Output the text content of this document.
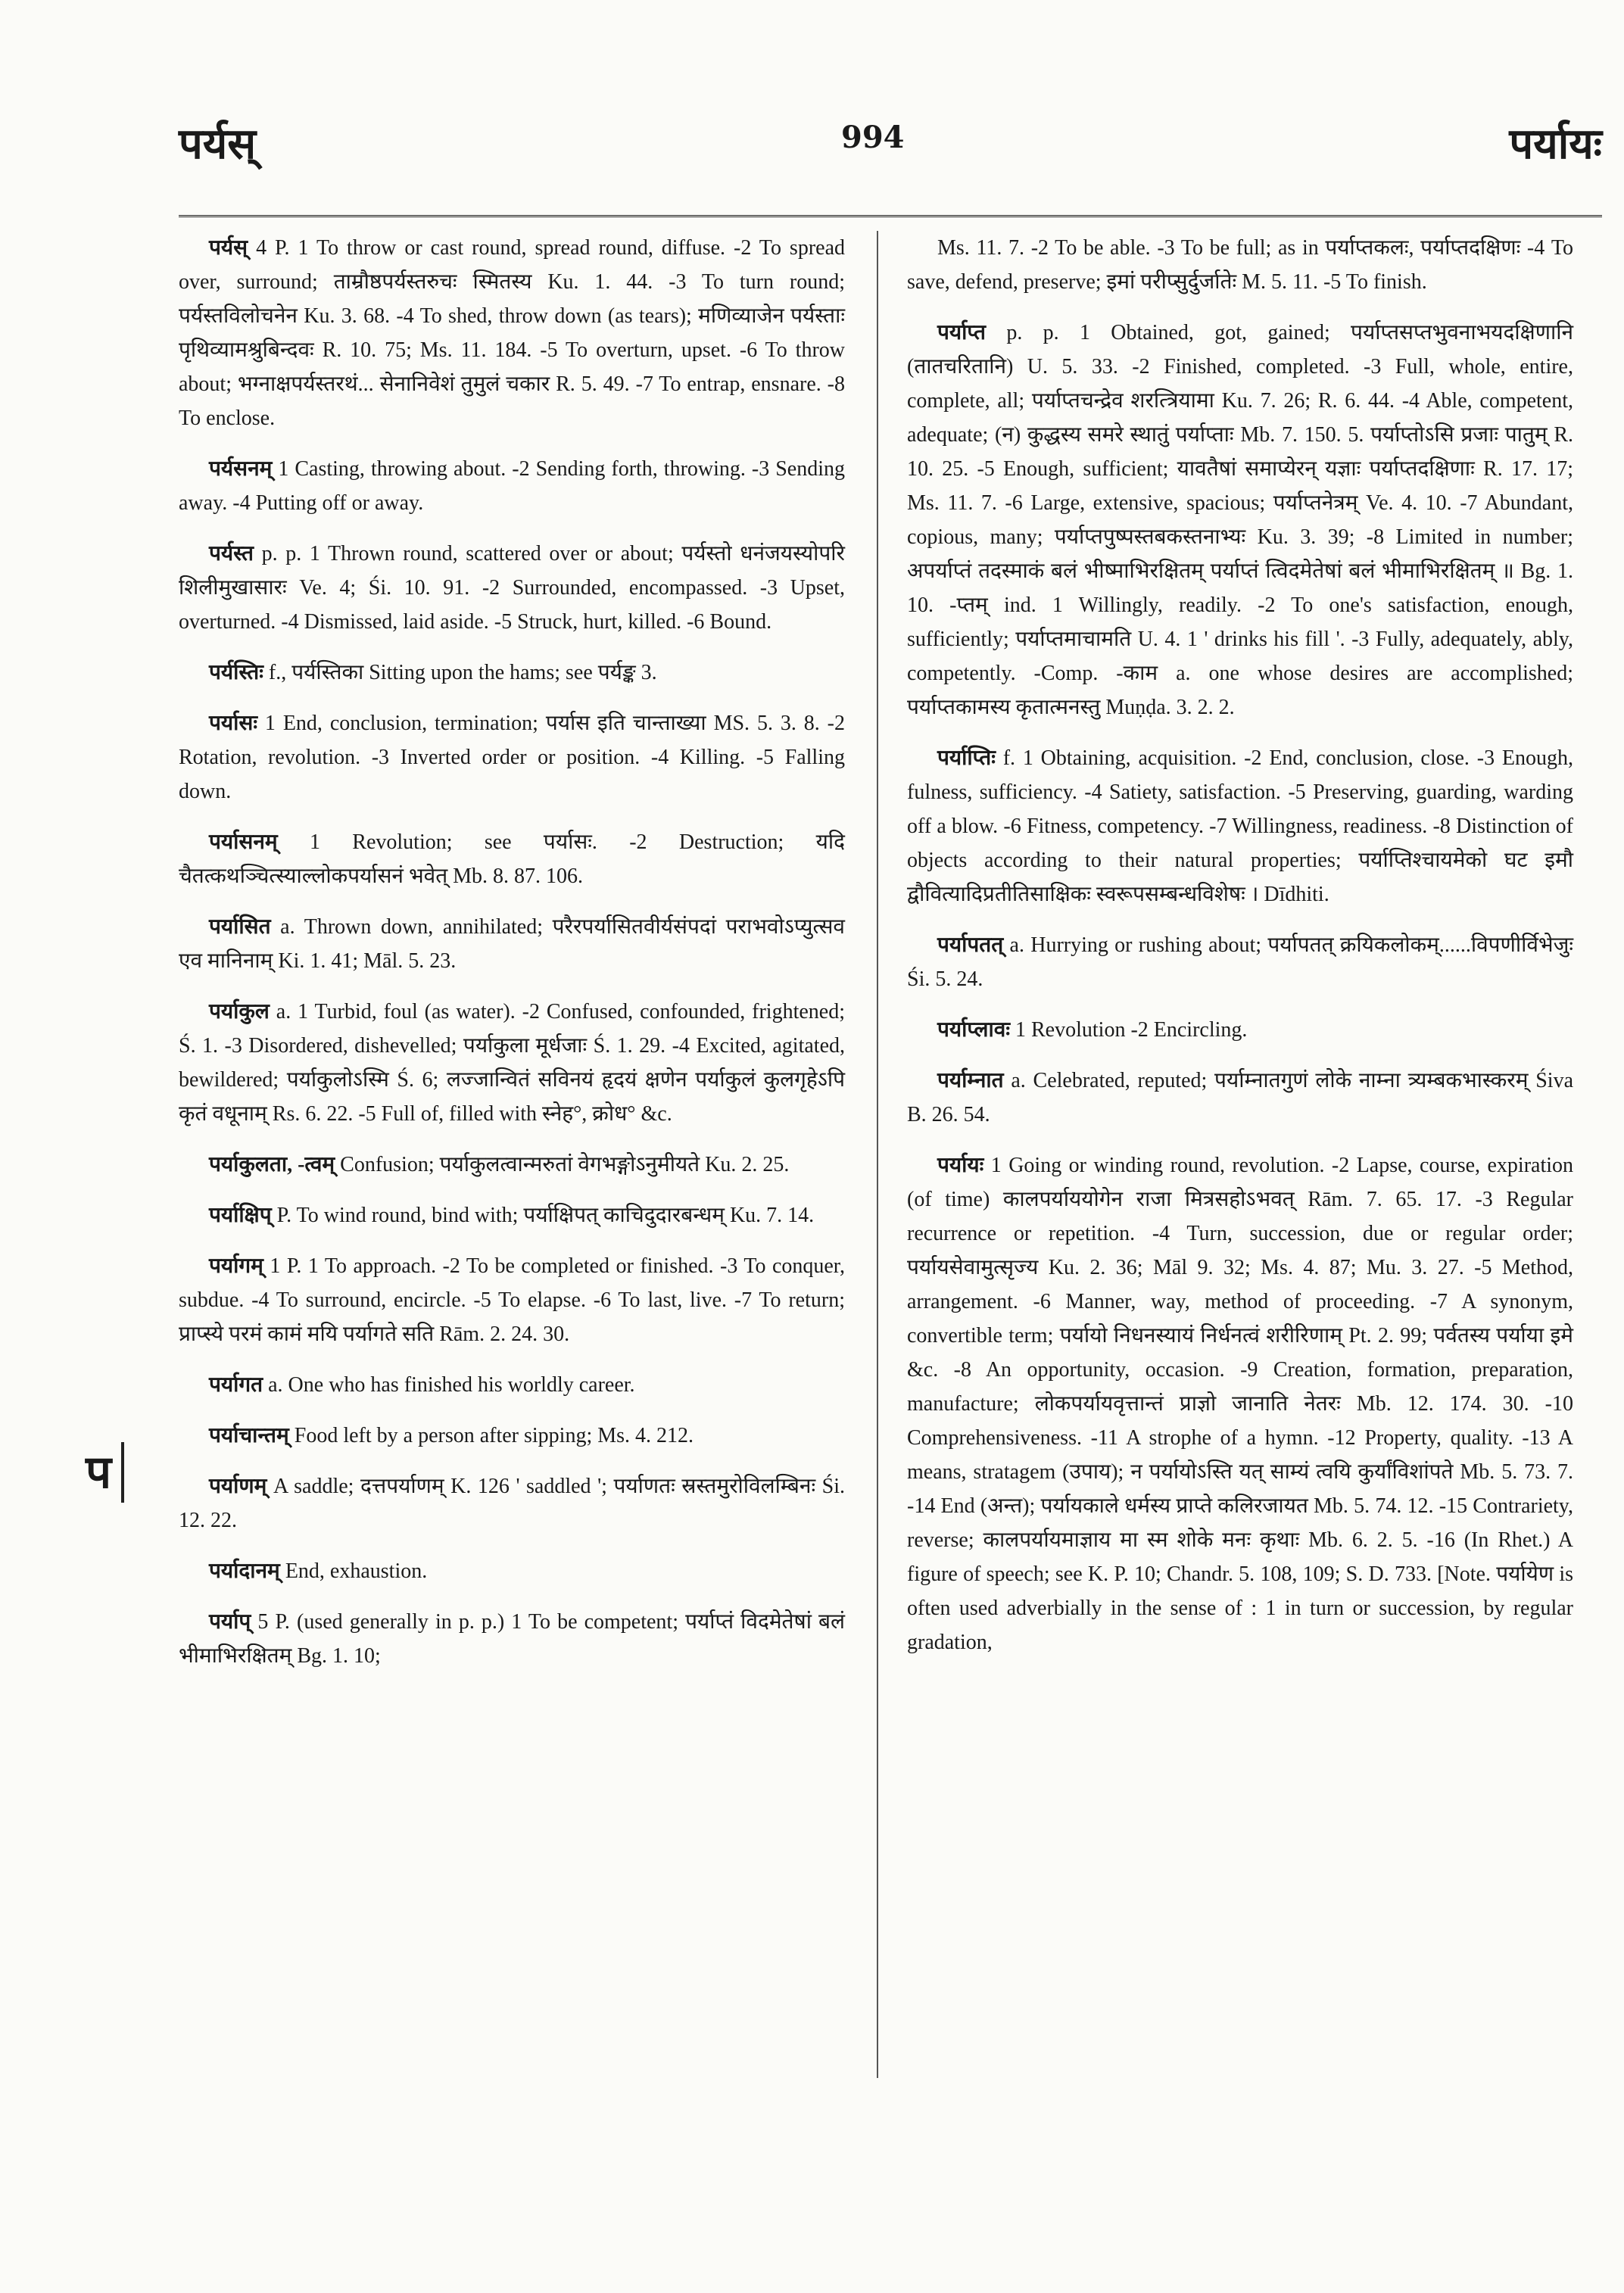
पर्यस्	994	पर्यायः
प

पर्यस् 4 P. 1 To throw or cast round, spread round, diffuse. -2 To spread over, surround; ताम्रौष्ठपर्यस्तरुचः स्मितस्य Ku. 1. 44. -3 To turn round; पर्यस्तविलोचनेन Ku. 3. 68. -4 To shed, throw down (as tears); मणिव्याजेन पर्यस्ताः पृथिव्यामश्रुबिन्दवः R. 10. 75; Ms. 11. 184. -5 To overturn, upset. -6 To throw about; भग्नाक्षपर्यस्तरथं... सेनानिवेशं तुमुलं चकार R. 5. 49. -7 To entrap, ensnare. -8 To enclose.

पर्यसनम् 1 Casting, throwing about. -2 Sending forth, throwing. -3 Sending away. -4 Putting off or away.

पर्यस्त p. p. 1 Thrown round, scattered over or about; पर्यस्तो धनंजयस्योपरि शिलीमुखासारः Ve. 4; Śi. 10. 91. -2 Surrounded, encompassed. -3 Upset, overturned. -4 Dismissed, laid aside. -5 Struck, hurt, killed. -6 Bound.

पर्यस्तिः f., पर्यस्तिका Sitting upon the hams; see पर्यङ्क 3.

पर्यासः 1 End, conclusion, termination; पर्यास इति चान्ताख्या MS. 5. 3. 8. -2 Rotation, revolution. -3 Inverted order or position. -4 Killing. -5 Falling down.

पर्यासनम् 1 Revolution; see पर्यासः. -2 Destruction; यदि चैतत्कथञ्चित्स्याल्लोकपर्यासनं भवेत् Mb. 8. 87. 106.

पर्यासित a. Thrown down, annihilated; परैरपर्यासितवीर्यसंपदां पराभवोऽप्युत्सव एव मानिनाम् Ki. 1. 41; Māl. 5. 23.

पर्याकुल a. 1 Turbid, foul (as water). -2 Confused, confounded, frightened; Ś. 1. -3 Disordered, dishevelled; पर्याकुला मूर्धजाः Ś. 1. 29. -4 Excited, agitated, bewildered; पर्याकुलोऽस्मि Ś. 6; लज्जान्वितं सविनयं हृदयं क्षणेन पर्याकुलं कुलगृहेऽपि कृतं वधूनाम् Rs. 6. 22. -5 Full of, filled with स्नेह°, क्रोध° &c.

पर्याकुलता, -त्वम् Confusion; पर्याकुलत्वान्मरुतां वेगभङ्गोऽनुमीयते Ku. 2. 25.

पर्याक्षिप् P. To wind round, bind with; पर्याक्षिपत् काचिदुदारबन्धम् Ku. 7. 14.

पर्यागम् 1 P. 1 To approach. -2 To be completed or finished. -3 To conquer, subdue. -4 To surround, encircle. -5 To elapse. -6 To last, live. -7 To return; प्राप्स्ये परमं कामं मयि पर्यागते सति Rām. 2. 24. 30.

पर्यागत a. One who has finished his worldly career.

पर्याचान्तम् Food left by a person after sipping; Ms. 4. 212.

पर्याणम् A saddle; दत्तपर्याणम् K. 126 ' saddled '; पर्याणतः स्रस्तमुरोविलम्बिनः Śi. 12. 22.

पर्यादानम् End, exhaustion.

पर्याप् 5 P. (used generally in p. p.) 1 To be competent; पर्याप्तं विदमेतेषां बलं भीमाभिरक्षितम् Bg. 1. 10;

Ms. 11. 7. -2 To be able. -3 To be full; as in पर्याप्तकलः, पर्याप्तदक्षिणः -4 To save, defend, preserve; इमां परीप्सुर्दुर्जातेः M. 5. 11. -5 To finish.

पर्याप्त p. p. 1 Obtained, got, gained; पर्याप्तसप्तभुवनाभयदक्षिणानि (तातचरितानि) U. 5. 33. -2 Finished, completed. -3 Full, whole, entire, complete, all; पर्याप्तचन्द्रेव शरत्त्रियामा Ku. 7. 26; R. 6. 44. -4 Able, competent, adequate; (न) कुद्धस्य समरे स्थातुं पर्याप्ताः Mb. 7. 150. 5. पर्याप्तोऽसि प्रजाः पातुम् R. 10. 25. -5 Enough, sufficient; यावतैषां समाप्येरन् यज्ञाः पर्याप्तदक्षिणाः R. 17. 17; Ms. 11. 7. -6 Large, extensive, spacious; पर्याप्तनेत्रम् Ve. 4. 10. -7 Abundant, copious, many; पर्याप्तपुष्पस्तबकस्तनाभ्यः Ku. 3. 39; -8 Limited in number; अपर्याप्तं तदस्माकं बलं भीष्माभिरक्षितम् पर्याप्तं त्विदमेतेषां बलं भीमाभिरक्षितम् ॥ Bg. 1. 10. -प्तम् ind. 1 Willingly, readily. -2 To one's satisfaction, enough, sufficiently; पर्याप्तमाचामति U. 4. 1 ' drinks his fill '. -3 Fully, adequately, ably, competently. -Comp. -काम a. one whose desires are accomplished; पर्याप्तकामस्य कृतात्मनस्तु Muṇḍa. 3. 2. 2.

पर्याप्तिः f. 1 Obtaining, acquisition. -2 End, conclusion, close. -3 Enough, fulness, sufficiency. -4 Satiety, satisfaction. -5 Preserving, guarding, warding off a blow. -6 Fitness, competency. -7 Willingness, readiness. -8 Distinction of objects according to their natural properties; पर्याप्तिश्चायमेको घट इमौ द्वौवित्यादिप्रतीतिसाक्षिकः स्वरूपसम्बन्धविशेषः । Dīdhiti.

पर्यापतत् a. Hurrying or rushing about; पर्यापतत् क्रयिकलोकम्......विपणीर्विभेजुः Śi. 5. 24.

पर्याप्लावः 1 Revolution -2 Encircling.

पर्याम्नात a. Celebrated, reputed; पर्याम्नातगुणं लोके नाम्ना त्र्यम्बकभास्करम् Śiva B. 26. 54.

पर्यायः 1 Going or winding round, revolution. -2 Lapse, course, expiration (of time) कालपर्याययोगेन राजा मित्रसहोऽभवत् Rām. 7. 65. 17. -3 Regular recurrence or repetition. -4 Turn, succession, due or regular order; पर्यायसेवामुत्सृज्य Ku. 2. 36; Māl 9. 32; Ms. 4. 87; Mu. 3. 27. -5 Method, arrangement. -6 Manner, way, method of proceeding. -7 A synonym, convertible term; पर्यायो निधनस्यायं निर्धनत्वं शरीरिणाम् Pt. 2. 99; पर्वतस्य पर्याया इमे &c. -8 An opportunity, occasion. -9 Creation, formation, preparation, manufacture; लोकपर्यायवृत्तान्तं प्राज्ञो जानाति नेतरः Mb. 12. 174. 30. -10 Comprehensiveness. -11 A strophe of a hymn. -12 Property, quality. -13 A means, stratagem (उपाय); न पर्यायोऽस्ति यत् साम्यं त्वयि कुर्यांविशांपते Mb. 5. 73. 7. -14 End (अन्त); पर्यायकाले धर्मस्य प्राप्ते कलिरजायत Mb. 5. 74. 12. -15 Contrariety, reverse; कालपर्यायमाज्ञाय मा स्म शोके मनः कृथाः Mb. 6. 2. 5. -16 (In Rhet.) A figure of speech; see K. P. 10; Chandr. 5. 108, 109; S. D. 733. [Note. पर्यायेण is often used adverbially in the sense of : 1 in turn or succession, by regular gradation,
